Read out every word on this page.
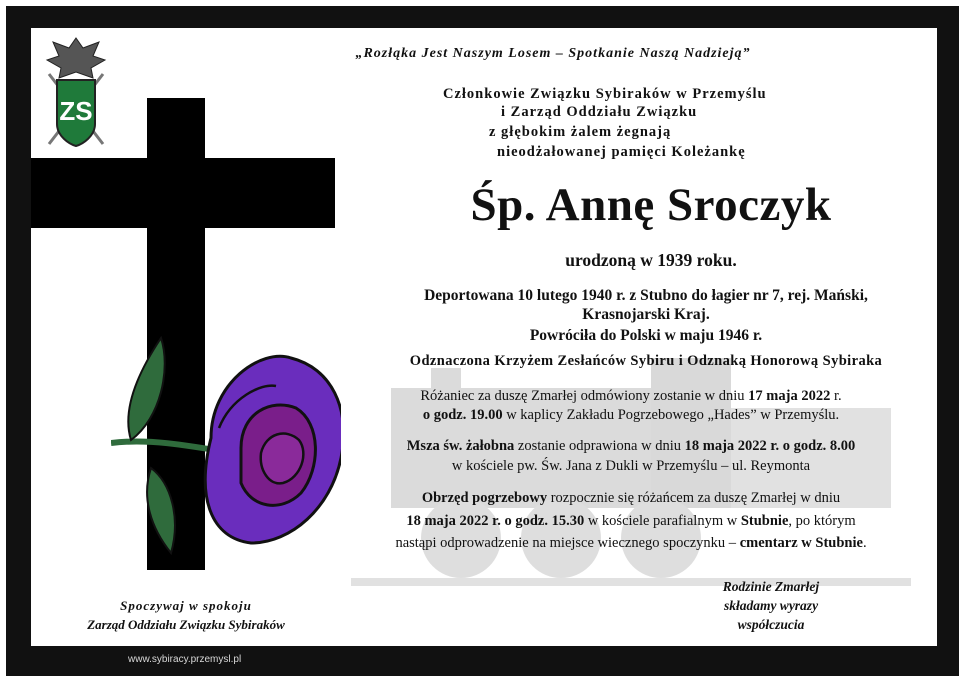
ZS
„Rozłąka Jest Naszym Losem – Spotkanie Naszą Nadzieją”
Członkowie Związku Sybiraków w Przemyślu
i Zarząd Oddziału Związku
z głębokim żalem żegnają
nieodżałowanej pamięci Koleżankę
Śp. Annę Sroczyk
urodzoną w 1939 roku.
Deportowana 10 lutego 1940 r. z Stubno do łagier nr 7, rej. Mański,
Krasnojarski Kraj.
Powróciła do Polski w maju 1946 r.
Odznaczona Krzyżem Zesłańców Sybiru i Odznaką Honorową Sybiraka
Różaniec za duszę Zmarłej odmówiony zostanie w dniu 17 maja 2022 r.
o godz. 19.00 w kaplicy Zakładu Pogrzebowego „Hades” w Przemyślu.
Msza św. żałobna zostanie odprawiona w dniu 18 maja 2022 r. o godz. 8.00
w kościele pw. Św. Jana z Dukli w Przemyślu – ul. Reymonta
Obrzęd pogrzebowy rozpocznie się różańcem za duszę Zmarłej w dniu
18 maja 2022 r. o godz. 15.30 w kościele parafialnym w Stubnie, po którym
nastąpi odprowadzenie na miejsce wiecznego spoczynku – cmentarz w Stubnie.
Spoczywaj w spokoju
Zarząd Oddziału Związku Sybiraków
Rodzinie Zmarłej
składamy wyrazy
współczucia
www.sybiracy.przemysl.pl
